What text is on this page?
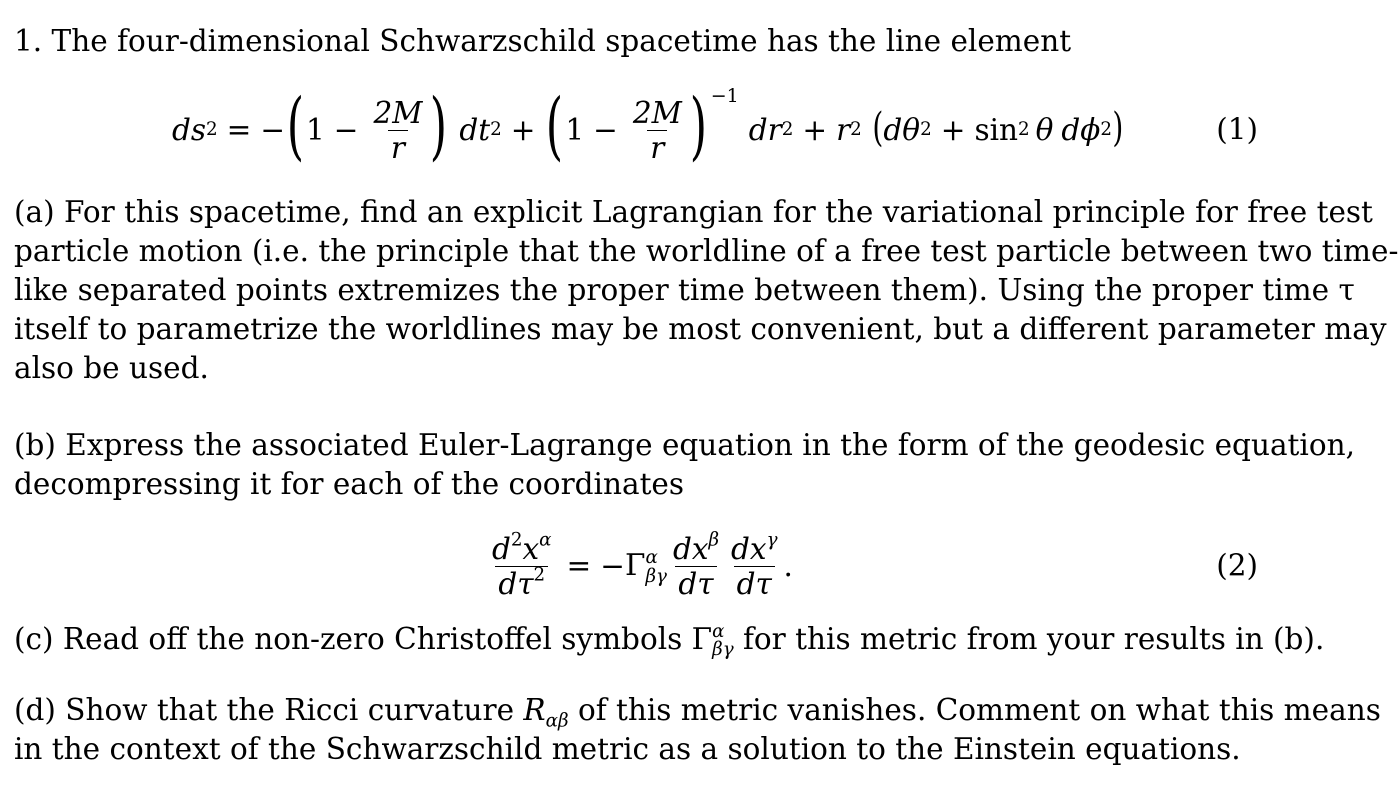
1. The four-dimensional Schwarzschild spacetime has the line element
ds 2 = − ( $1 - \frac{2M}{r}$ ) dt 2 + ( $1 - \frac{2M}{r}$ ) −1
dr 2 + r 2 ( dθ 2 + sin 2 θ dϕ 2 )	(1)

(a) For this spacetime, find an explicit Lagrangian for the variational principle for free test

particle motion (i.e. the principle that the worldline of a free test particle between two time-

like separated points extremizes the proper time between them). Using the proper time τ

itself to parametrize the worldlines may be most convenient, but a different parameter may

also be used.

(b) Express the associated Euler-Lagrange equation in the form of the geodesic equation,

decompressing it for each of the coordinates

$\frac{d^2x^\alpha}{d\tau^2}$ = − Γ α
βγ $\frac{dx^\beta}{d\tau} \frac{dx^\gamma}{d\tau}$ .	(2)
(c) Read off the non-zero Christoffel symbols Γ α
βγ for this metric from your results in (b).

(d) Show that the Ricci curvature $R_{\alpha\beta}$ of this metric vanishes. Comment on what this means

in the context of the Schwarzschild metric as a solution to the Einstein equations.
